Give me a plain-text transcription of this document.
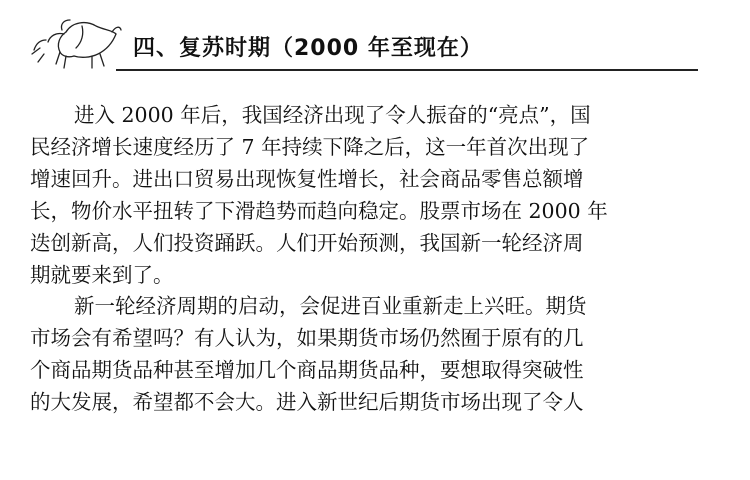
四、复苏时期（2000 年至现在）
进入 2000 年后，我国经济出现了令人振奋的“亮点”，国
民经济增长速度经历了 7 年持续下降之后，这一年首次出现了
增速回升。进出口贸易出现恢复性增长，社会商品零售总额增
长，物价水平扭转了下滑趋势而趋向稳定。股票市场在 2000 年
迭创新高，人们投资踊跃。人们开始预测，我国新一轮经济周
期就要来到了。
新一轮经济周期的启动，会促进百业重新走上兴旺。期货
市场会有希望吗？有人认为，如果期货市场仍然囿于原有的几
个商品期货品种甚至增加几个商品期货品种，要想取得突破性
的大发展，希望都不会大。进入新世纪后期货市场出现了令人
